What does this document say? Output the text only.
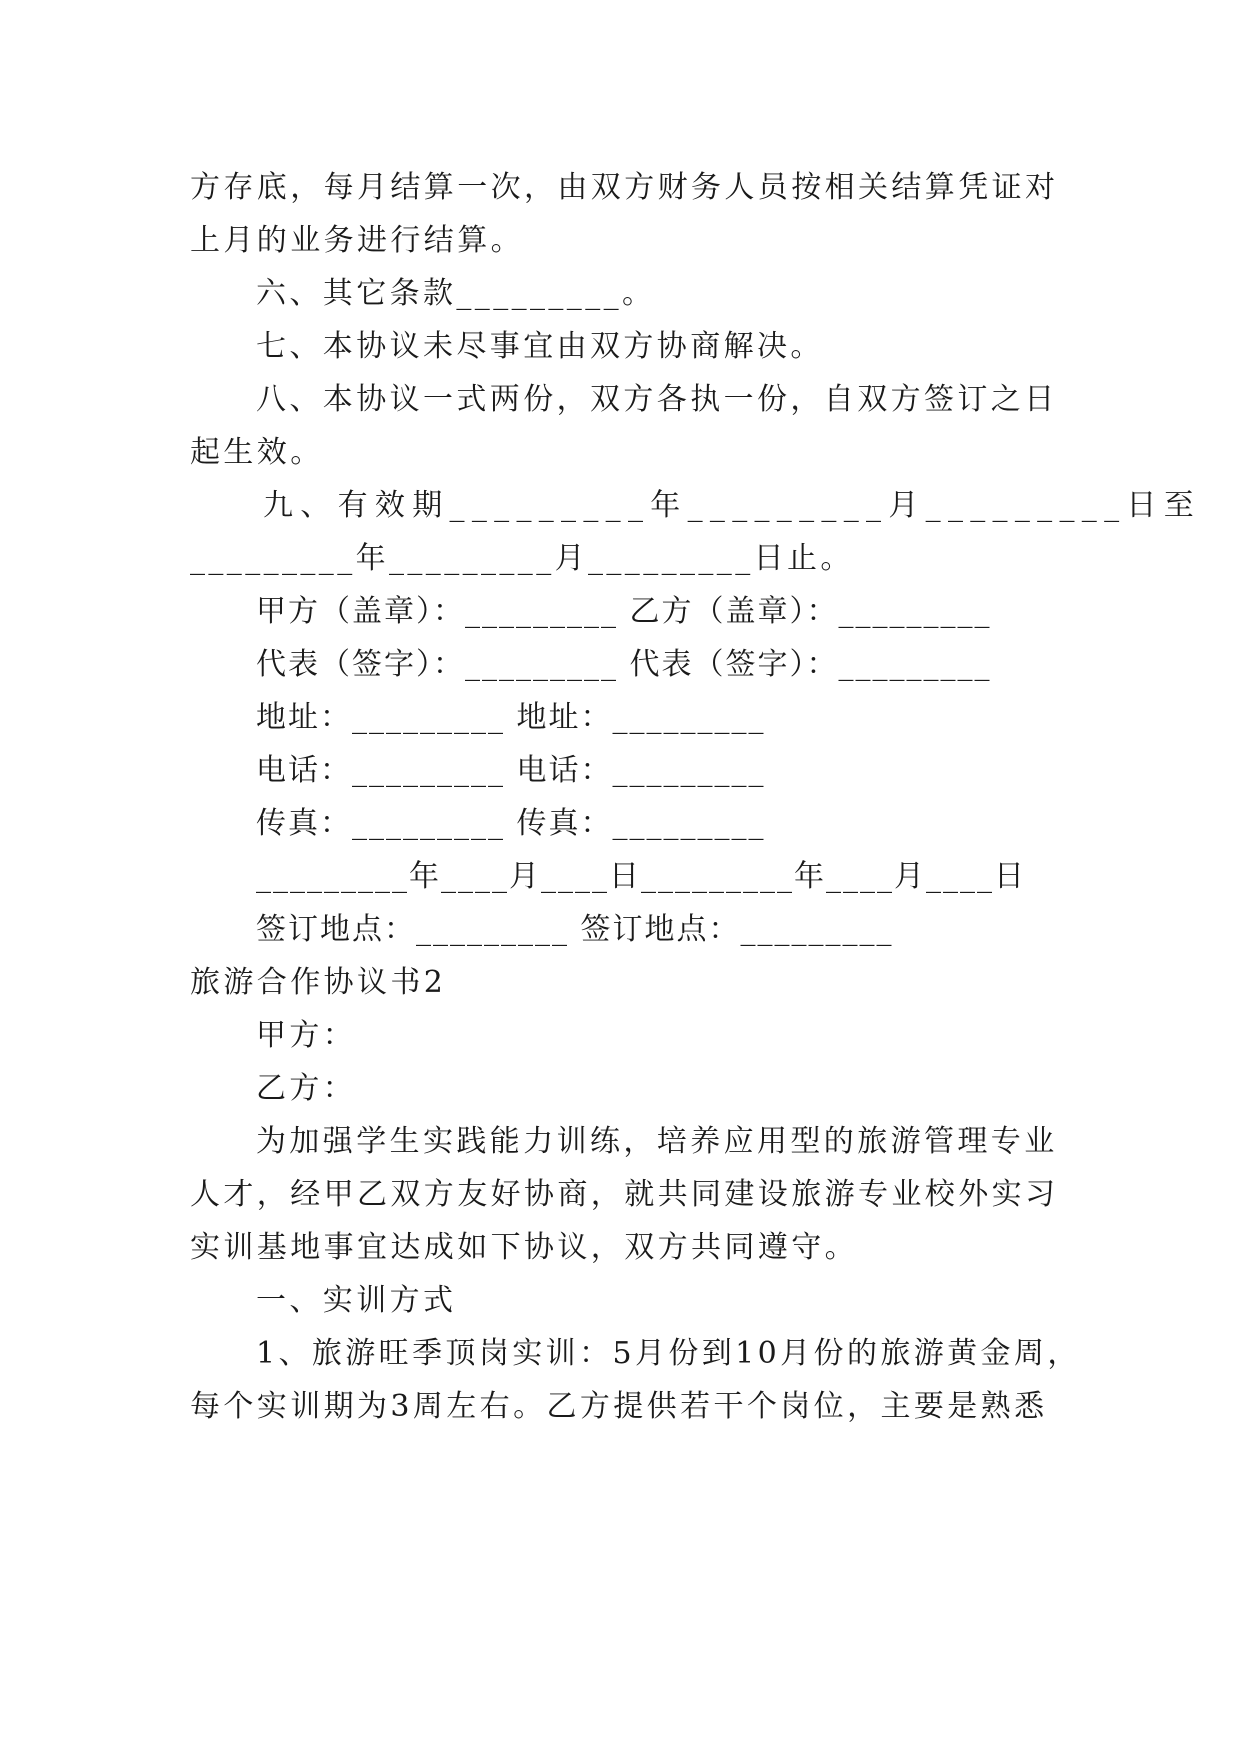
方存底，每月结算一次，由双方财务人员按相关结算凭证对
上月的业务进行结算。
六、其它条款_________。
七、本协议未尽事宜由双方协商解决。
八、本协议一式两份，双方各执一份，自双方签订之日
起生效。
九、有效期_________年_________月_________日至
_________年_________月_________日止。
甲方（盖章）：_________ 乙方（盖章）：_________
代表（签字）：_________ 代表（签字）：_________
地址：_________ 地址：_________
电话：_________ 电话：_________
传真：_________ 传真：_________
_________年____月____日_________年____月____日
签订地点：_________ 签订地点：_________
旅游合作协议书2
甲方：
乙方：
为加强学生实践能力训练，培养应用型的旅游管理专业
人才，经甲乙双方友好协商，就共同建设旅游专业校外实习
实训基地事宜达成如下协议，双方共同遵守。
一、实训方式
1、旅游旺季顶岗实训：5月份到10月份的旅游黄金周，
每个实训期为3周左右。乙方提供若干个岗位，主要是熟悉
